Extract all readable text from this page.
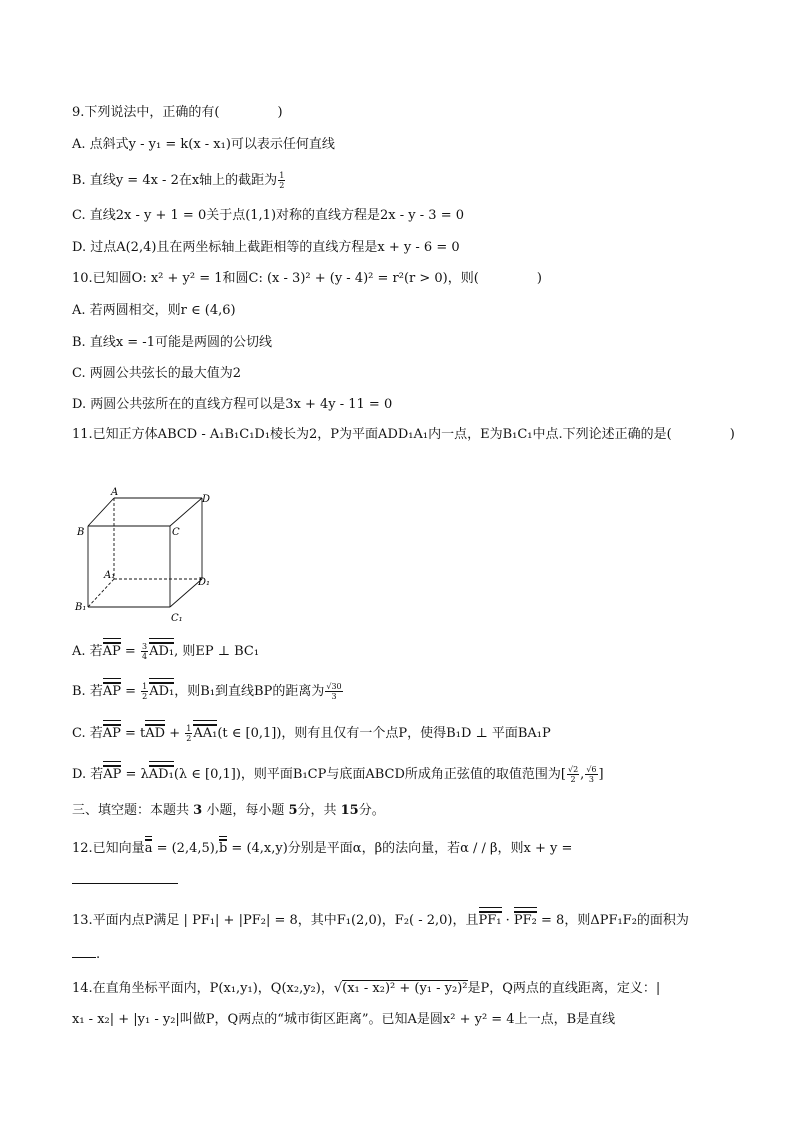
9.下列说法中，正确的有(	)
A. 点斜式y - y₁ = k(x - x₁)可以表示任何直线
B. 直线y = 4x - 2在x轴上的截距为 $\frac{1}{2}$
C. 直线2x - y + 1 = 0关于点(1,1)对称的直线方程是2x - y - 3 = 0
D. 过点A(2,4)且在两坐标轴上截距相等的直线方程是x + y - 6 = 0
10.已知圆O: x² + y² = 1和圆C: (x - 3)² + (y - 4)² = r²(r > 0)，则(	)
A. 若两圆相交，则r ∈ (4,6)
B. 直线x = -1可能是两圆的公切线
C. 两圆公共弦长的最大值为2
D. 两圆公共弦所在的直线方程可以是3x + 4y - 11 = 0
11.已知正方体ABCD - A₁B₁C₁D₁棱长为2，P为平面ADD₁A₁内一点，E为B₁C₁中点.下列论述正确的是(	)
A
D
B	C
A₁
D₁
B₁
C₁
A. 若AP = $\frac{3}{4} AD_1$, 则EP ⊥ BC₁
B. 若AP = $\frac{1}{2} AD_1$，则B₁到直线BP的距离为 $\frac{√30}{3}$
C. 若AP = tAD + $\frac{1}{2} AA_1(t$ ∈ [0,1])，则有且仅有一个点P，使得B₁D ⊥ 平面BA₁P
D. 若AP = λAD₁(λ ∈ [0,1])，则平面B₁CP与底面ABCD所成角正弦值的取值范围为[ $\frac{√2}{2}$ , $\frac{√6}{3}$ ]
三、填空题：本题共 3 小题，每小题 5分，共 15分。
12.已知向量a = (2,4,5),b = (4,x,y)分别是平面α，β的法向量，若α / / β，则x + y =
13.平面内点P满足 | PF₁| + |PF₂| = 8，其中F₁(2,0)，F₂( - 2,0)，且PF₁ · PF₂ = 8，则ΔPF₁F₂的面积为
.
14.在直角坐标平面内，P(x₁,y₁)，Q(x₂,y₂)，√(x₁ - x₂)² + (y₁ - y₂)²是P，Q两点的直线距离，定义：|
x₁ - x₂| + |y₁ - y₂|叫做P，Q两点的“城市街区距离”。已知A是圆x² + y² = 4上一点，B是直线
